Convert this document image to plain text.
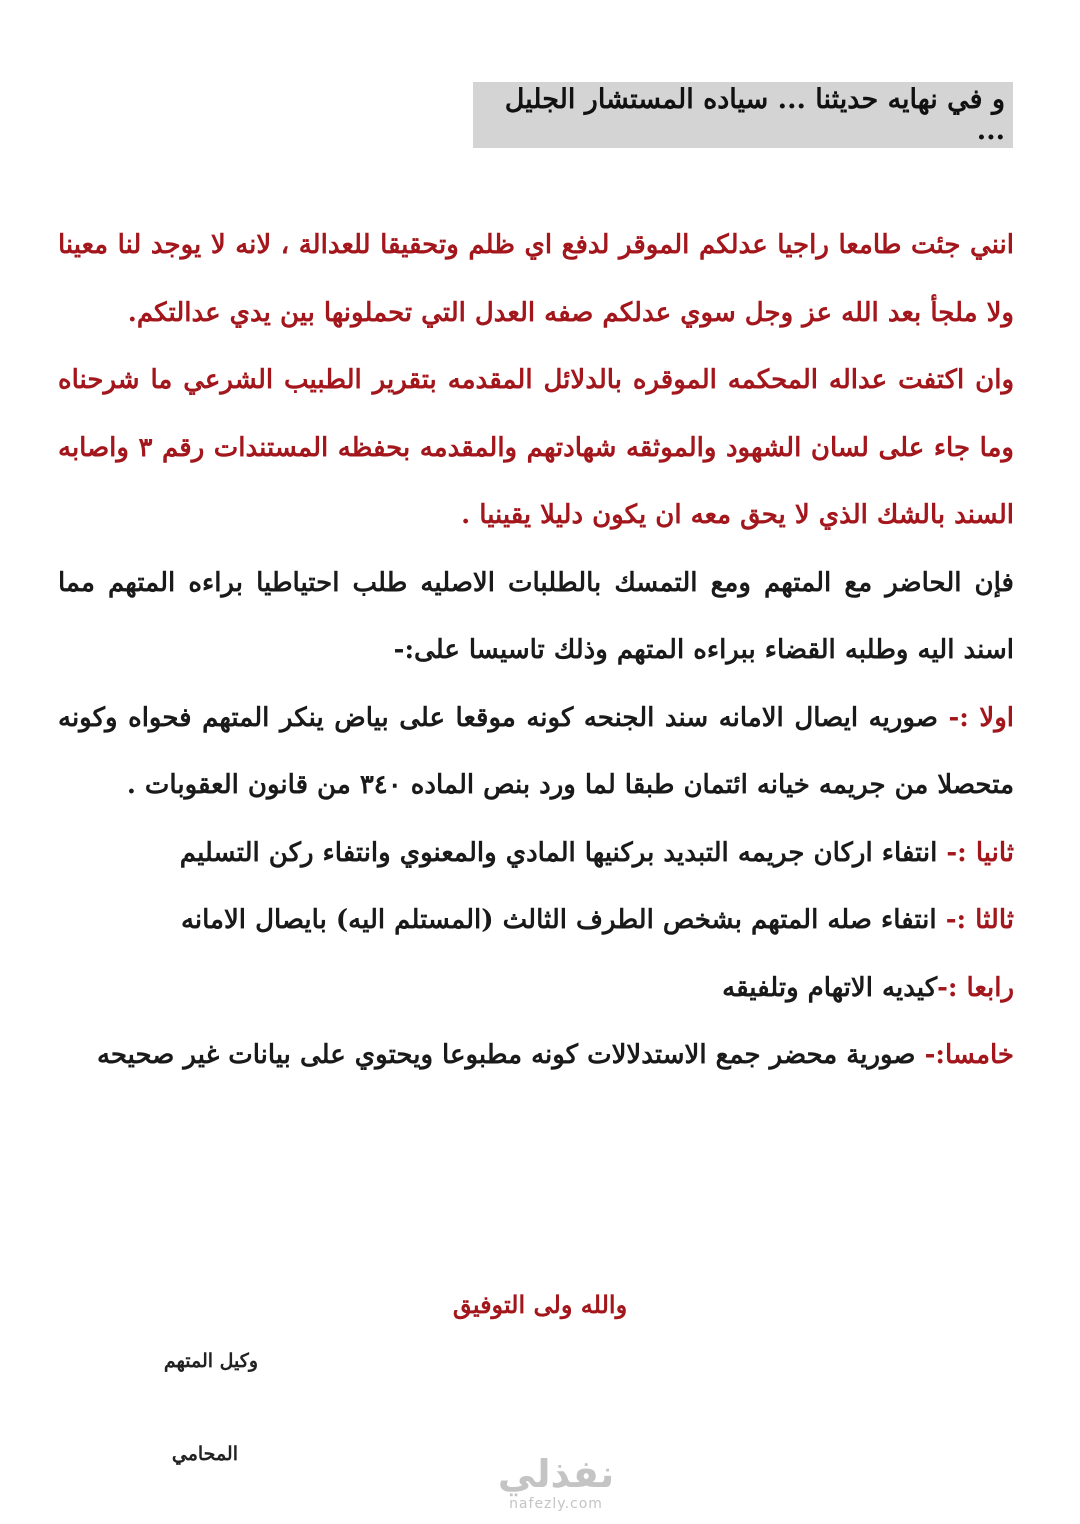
و في نهايه حديثنا ... سياده المستشار الجليل ...

انني جئت طامعا راجيا عدلكم الموقر لدفع اي ظلم وتحقيقا للعدالة ، لانه لا يوجد لنا معينا ولا ملجأ بعد الله عز وجل سوي عدلكم صفه العدل التي تحملونها بين يدي عدالتكم.

وان اكتفت عداله المحكمه الموقره بالدلائل المقدمه بتقرير الطبيب الشرعي ما شرحناه وما جاء على لسان الشهود والموثقه شهادتهم والمقدمه بحفظه المستندات رقم ٣ واصابه السند بالشك الذي لا يحق معه ان يكون دليلا يقينيا .

فإن الحاضر مع المتهم ومع التمسك بالطلبات الاصليه طلب احتياطيا براءه المتهم مما اسند اليه وطلبه القضاء ببراءه المتهم وذلك تاسيسا على:-

اولا :- صوريه ايصال الامانه سند الجنحه كونه موقعا على بياض ينكر المتهم فحواه وكونه متحصلا من جريمه خيانه ائتمان طبقا لما ورد بنص الماده ٣٤٠ من قانون العقوبات .

ثانيا :- انتفاء اركان جريمه التبديد بركنيها المادي والمعنوي وانتفاء ركن التسليم

ثالثا :- انتفاء صله المتهم بشخص الطرف الثالث (المستلم اليه) بايصال الامانه

رابعا :-كيديه الاتهام وتلفيقه

خامسا:- صورية محضر جمع الاستدلالات كونه مطبوعا ويحتوي على بيانات غير صحيحه

والله ولى التوفيق
وكيل المتهم
المحامي	نفذلي
nafezly.com
